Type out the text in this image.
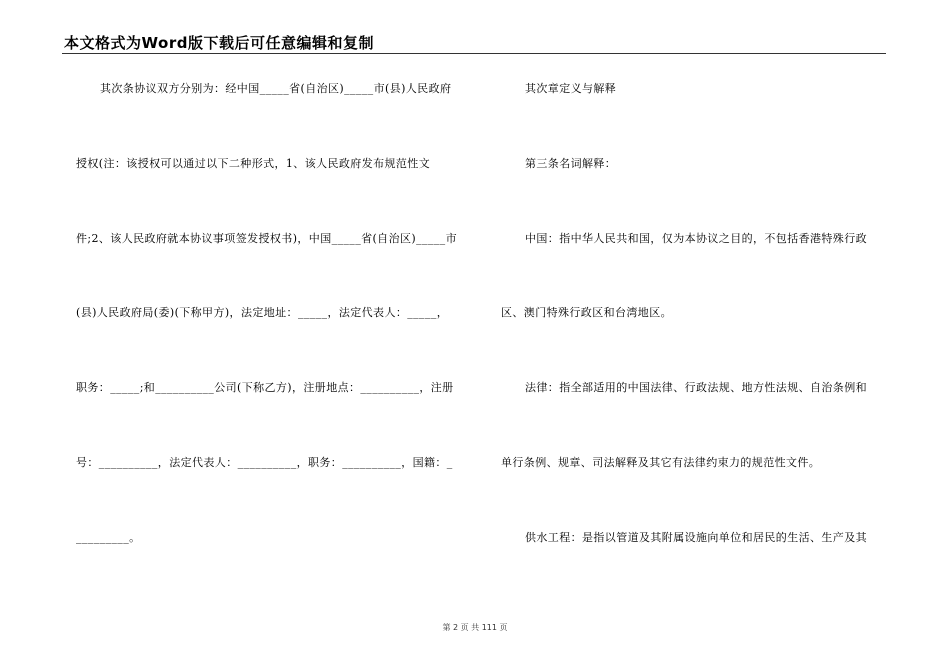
本文格式为Word版下载后可任意编辑和复制
其次条协议双方分别为：经中国_____省(自治区)_____市(县)人民政府
授权(注：该授权可以通过以下二种形式，1、该人民政府发布规范性文
件;2、该人民政府就本协议事项签发授权书)，中国_____省(自治区)_____市
(县)人民政府局(委)(下称甲方)，法定地址：_____，法定代表人：_____，
职务：_____;和__________公司(下称乙方)，注册地点：__________，注册
号：__________，法定代表人：__________，职务：__________，国籍：_
_________。
其次章定义与解释
第三条名词解释：
中国：指中华人民共和国，仅为本协议之目的，不包括香港特殊行政
区、澳门特殊行政区和台湾地区。
法律：指全部适用的中国法律、行政法规、地方性法规、自治条例和
单行条例、规章、司法解释及其它有法律约束力的规范性文件。
供水工程：是指以管道及其附属设施向单位和居民的生活、生产及其
第 2 页 共 111 页
